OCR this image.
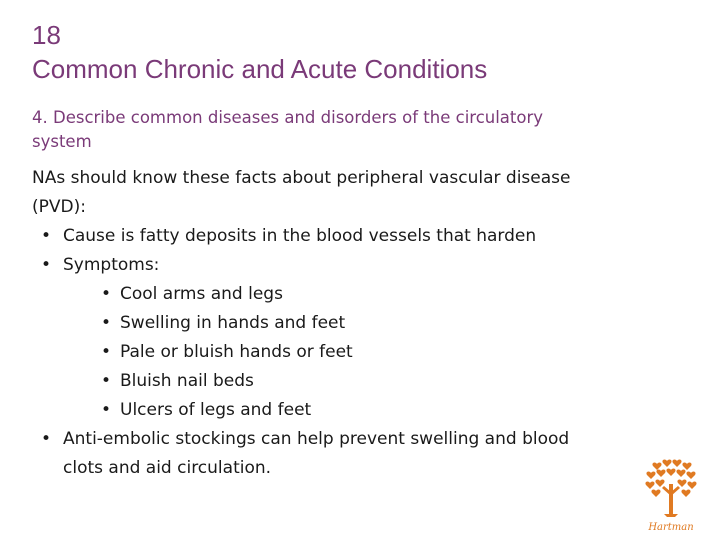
18
Common Chronic and Acute Conditions
4. Describe common diseases and disorders of the circulatory
system
NAs should know these facts about peripheral vascular disease
(PVD):
• Cause is fatty deposits in the blood vessels that harden
• Symptoms:
• Cool arms and legs
• Swelling in hands and feet
• Pale or bluish hands or feet
• Bluish nail beds
• Ulcers of legs and feet
• Anti-embolic stockings can help prevent swelling and blood
clots and aid circulation.
Hartman
